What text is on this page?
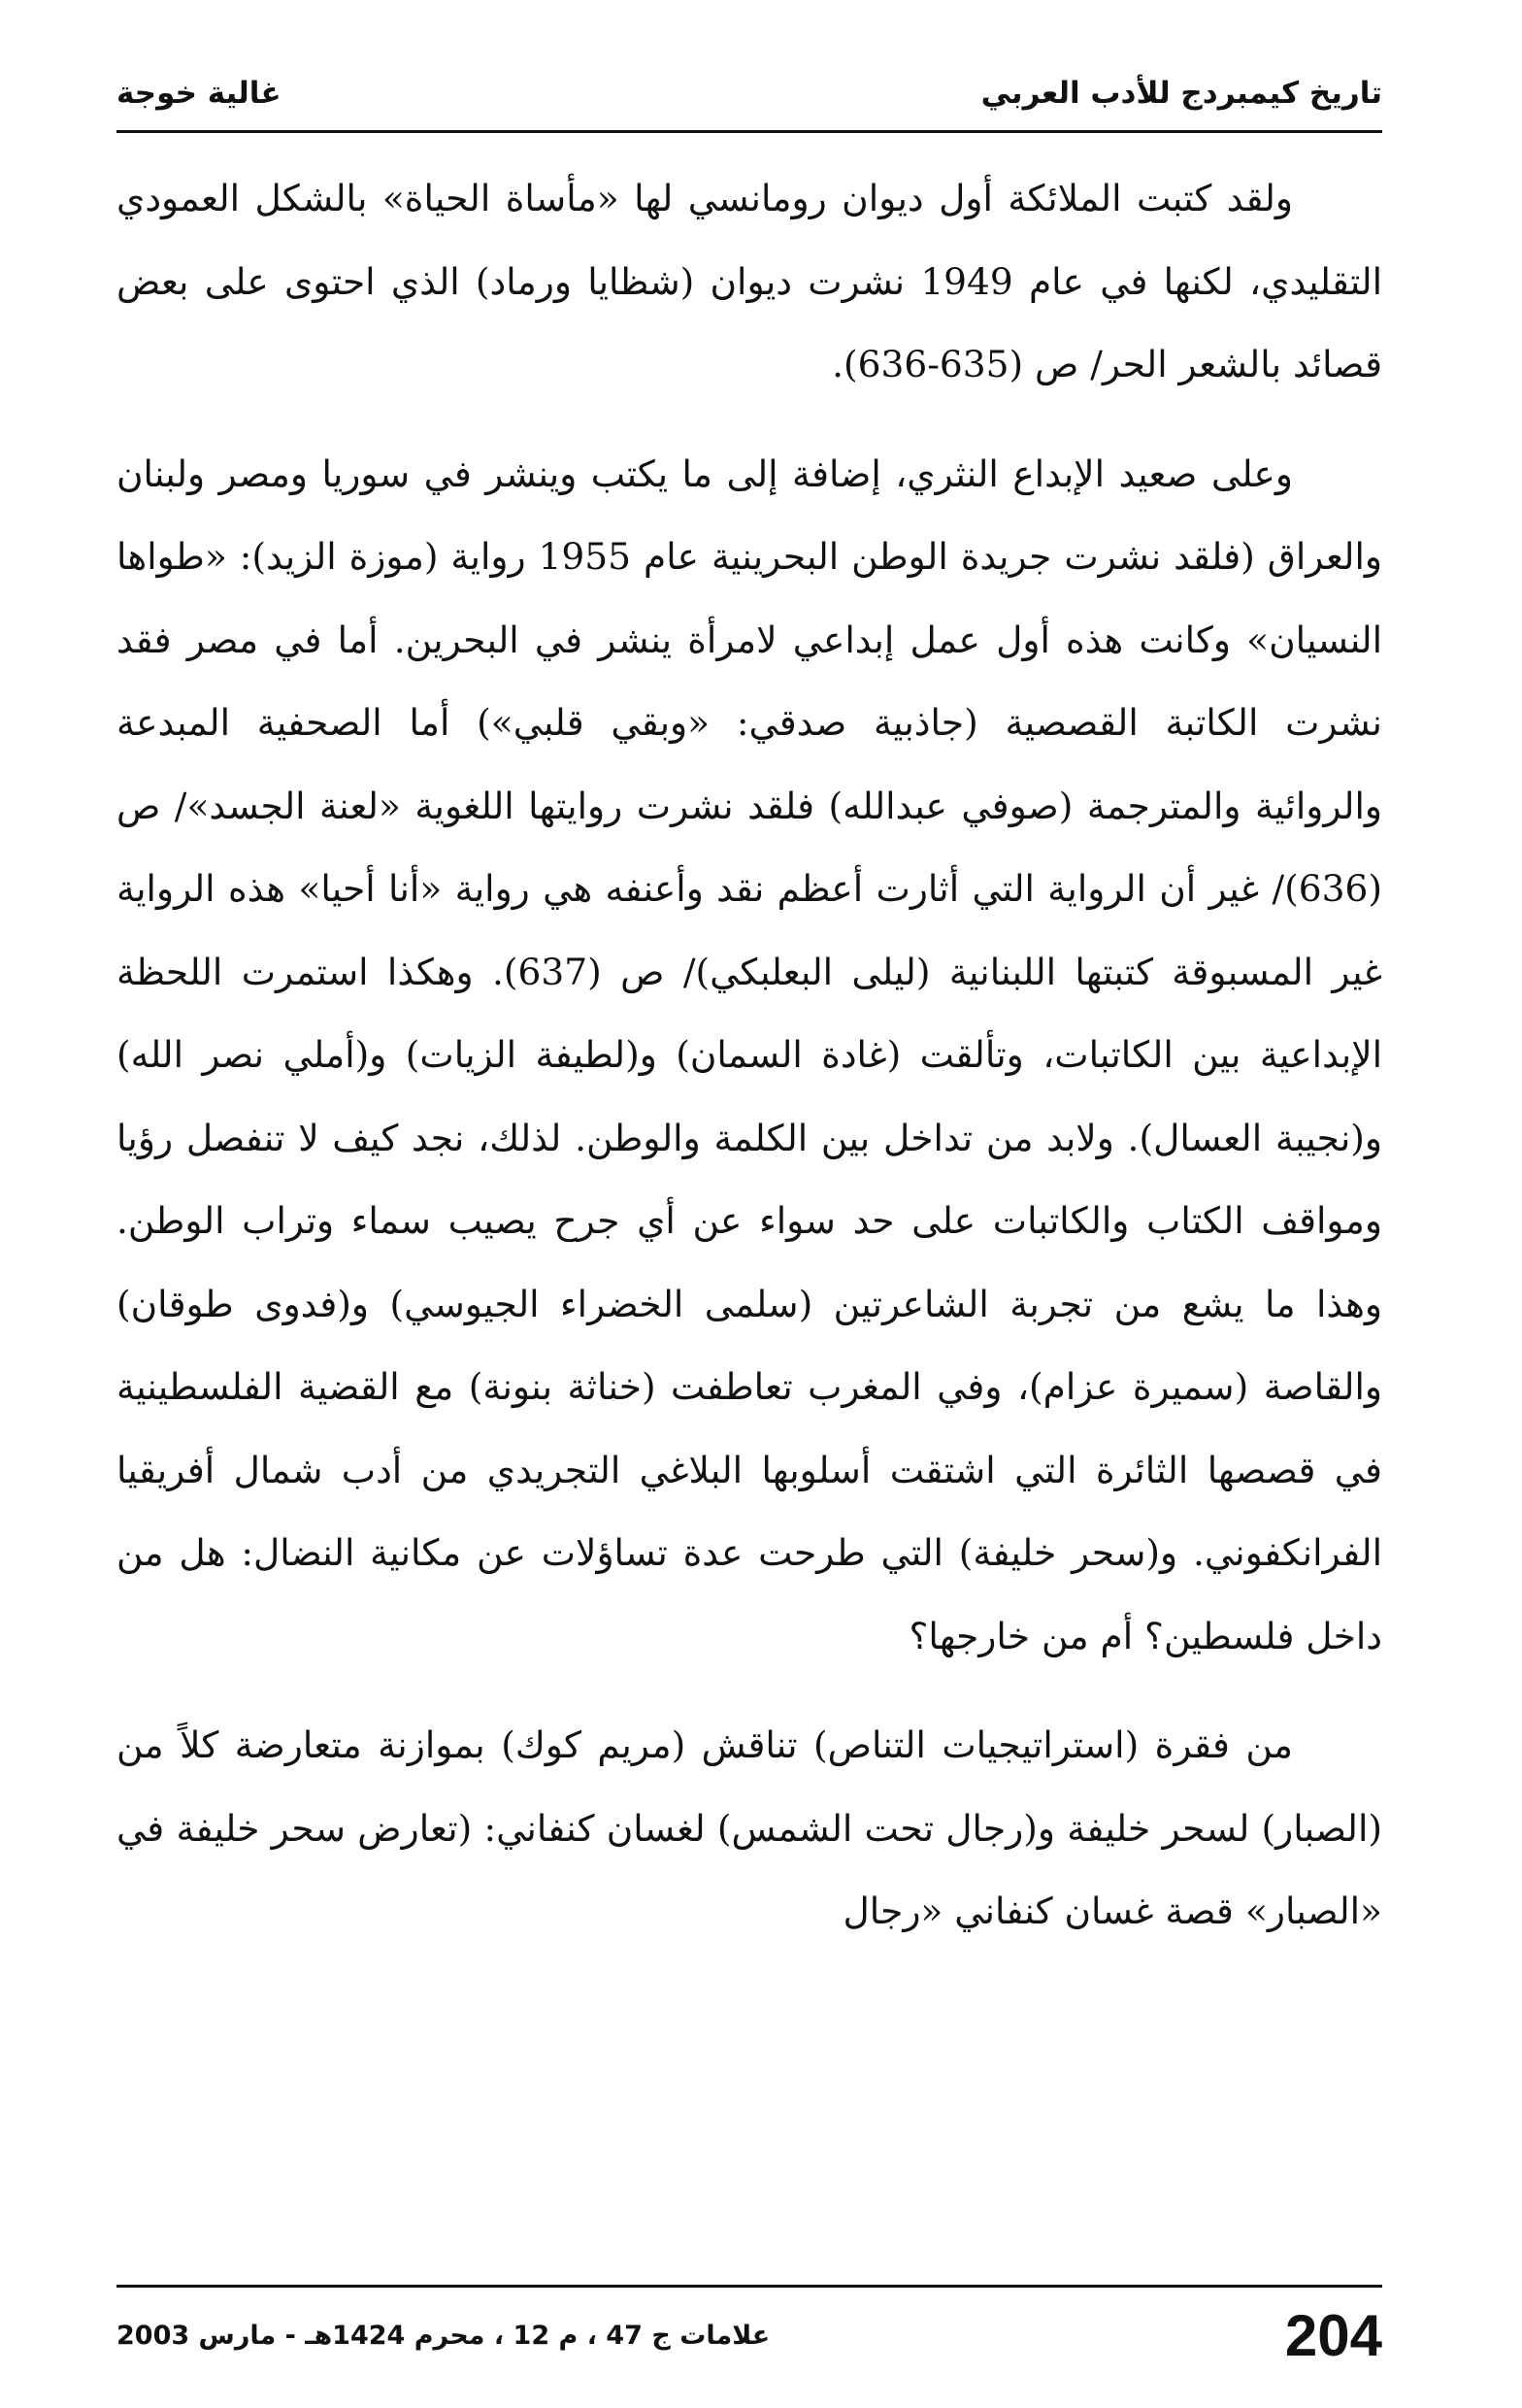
تاريخ كيمبردج للأدب العربي
غالية خوجة

ولقد كتبت الملائكة أول ديوان رومانسي لها «مأساة الحياة» بالشكل العمودي التقليدي، لكنها في عام 1949 نشرت ديوان (شظايا ورماد) الذي احتوى على بعض قصائد بالشعر الحر/ ص (635-636).

وعلى صعيد الإبداع النثري، إضافة إلى ما يكتب وينشر في سوريا ومصر ولبنان والعراق (فلقد نشرت جريدة الوطن البحرينية عام 1955 رواية (موزة الزيد): «طواها النسيان» وكانت هذه أول عمل إبداعي لامرأة ينشر في البحرين. أما في مصر فقد نشرت الكاتبة القصصية (جاذبية صدقي: «وبقي قلبي») أما الصحفية المبدعة والروائية والمترجمة (صوفي عبدالله) فلقد نشرت روايتها اللغوية «لعنة الجسد»/ ص (636)/ غير أن الرواية التي أثارت أعظم نقد وأعنفه هي رواية «أنا أحيا» هذه الرواية غير المسبوقة كتبتها اللبنانية (ليلى البعلبكي)/ ص (637). وهكذا استمرت اللحظة الإبداعية بين الكاتبات، وتألقت (غادة السمان) و(لطيفة الزيات) و(أملي نصر الله) و(نجيبة العسال). ولابد من تداخل بين الكلمة والوطن. لذلك، نجد كيف لا تنفصل رؤيا ومواقف الكتاب والكاتبات على حد سواء عن أي جرح يصيب سماء وتراب الوطن. وهذا ما يشع من تجربة الشاعرتين (سلمى الخضراء الجيوسي) و(فدوى طوقان) والقاصة (سميرة عزام)، وفي المغرب تعاطفت (خناثة بنونة) مع القضية الفلسطينية في قصصها الثائرة التي اشتقت أسلوبها البلاغي التجريدي من أدب شمال أفريقيا الفرانكفوني. و(سحر خليفة) التي طرحت عدة تساؤلات عن مكانية النضال: هل من داخل فلسطين؟ أم من خارجها؟

من فقرة (استراتيجيات التناص) تناقش (مريم كوك) بموازنة متعارضة كلاً من (الصبار) لسحر خليفة و(رجال تحت الشمس) لغسان كنفاني: (تعارض سحر خليفة في «الصبار» قصة غسان كنفاني «رجال

204
علامات ج 47 ، م 12 ، محرم 1424هـ - مارس 2003
